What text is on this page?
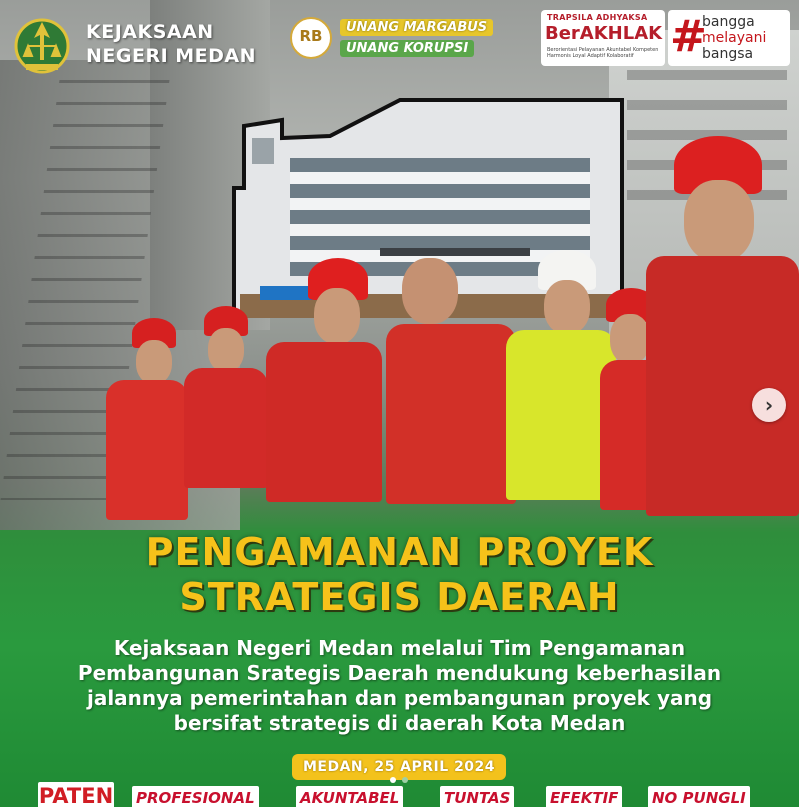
KEJAKSAAN
NEGERI MEDAN
RB	UNANG MARGABUS
UNANG KORUPSI
TRAPSILA ADHYAKSA
BerAKHLAK
Berorientasi Pelayanan Akuntabel Kompeten Harmonis Loyal Adaptif Kolaboratif #
bangga
melayani
bangsa
›
PENGAMANAN PROYEK
STRATEGIS DAERAH
Kejaksaan Negeri Medan melalui Tim Pengamanan Pembangunan Srategis Daerah mendukung keberhasilan jalannya pemerintahan dan pembangunan proyek yang bersifat strategis di daerah Kota Medan
MEDAN, 25 APRIL 2024
PATEN PROFESIONAL	AKUNTABEL	TUNTAS	EFEKTIF NO PUNGLI
